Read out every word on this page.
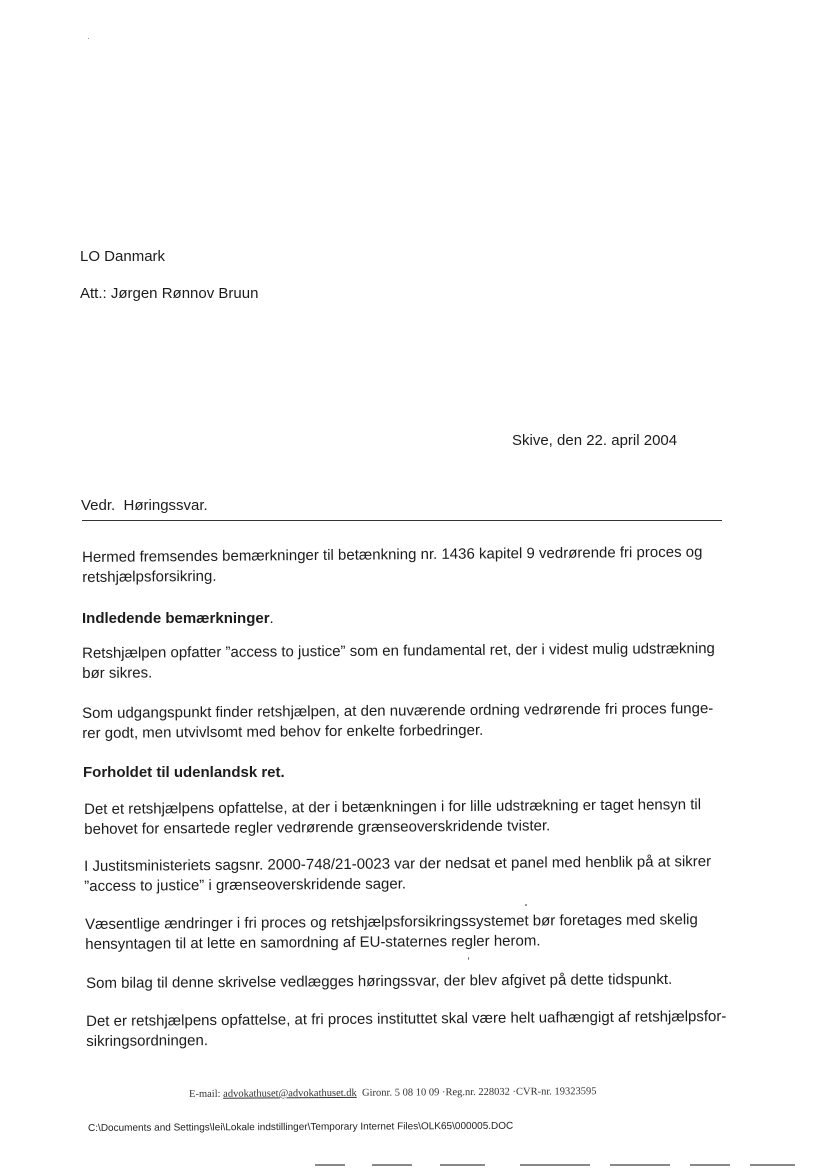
LO Danmark
Att.: Jørgen Rønnov Bruun
Skive, den 22. april 2004
Vedr.  Høringssvar.
Hermed fremsendes bemærkninger til betænkning nr. 1436 kapitel 9 vedrørende fri proces og
retshjælpsforsikring.
Indledende bemærkninger.
Retshjælpen opfatter ”access to justice” som en fundamental ret, der i videst mulig udstrækning
bør sikres.
Som udgangspunkt finder retshjælpen, at den nuværende ordning vedrørende fri proces funge-
rer godt, men utvivlsomt med behov for enkelte forbedringer.
Forholdet til udenlandsk ret.
Det et retshjælpens opfattelse, at der i betænkningen i for lille udstrækning er taget hensyn til
behovet for ensartede regler vedrørende grænseoverskridende tvister.
I Justitsministeriets sagsnr. 2000-748/21-0023 var der nedsat et panel med henblik på at sikrer
”access to justice” i grænseoverskridende sager.
Væsentlige ændringer i fri proces og retshjælpsforsikringssystemet bør foretages med skelig
hensyntagen til at lette en samordning af EU-staternes regler herom.
Som bilag til denne skrivelse vedlægges høringssvar, der blev afgivet på dette tidspunkt.
Det er retshjælpens opfattelse, at fri proces instituttet skal være helt uafhængigt af retshjælpsfor-
sikringsordningen.
E-mail: advokathuset@advokathuset.dk Gironr. 5 08 10 09 ·Reg.nr. 228032 ·CVR-nr. 19323595
C:\Documents and Settings\lei\Lokale indstillinger\Temporary Internet Files\OLK65\000005.DOC
